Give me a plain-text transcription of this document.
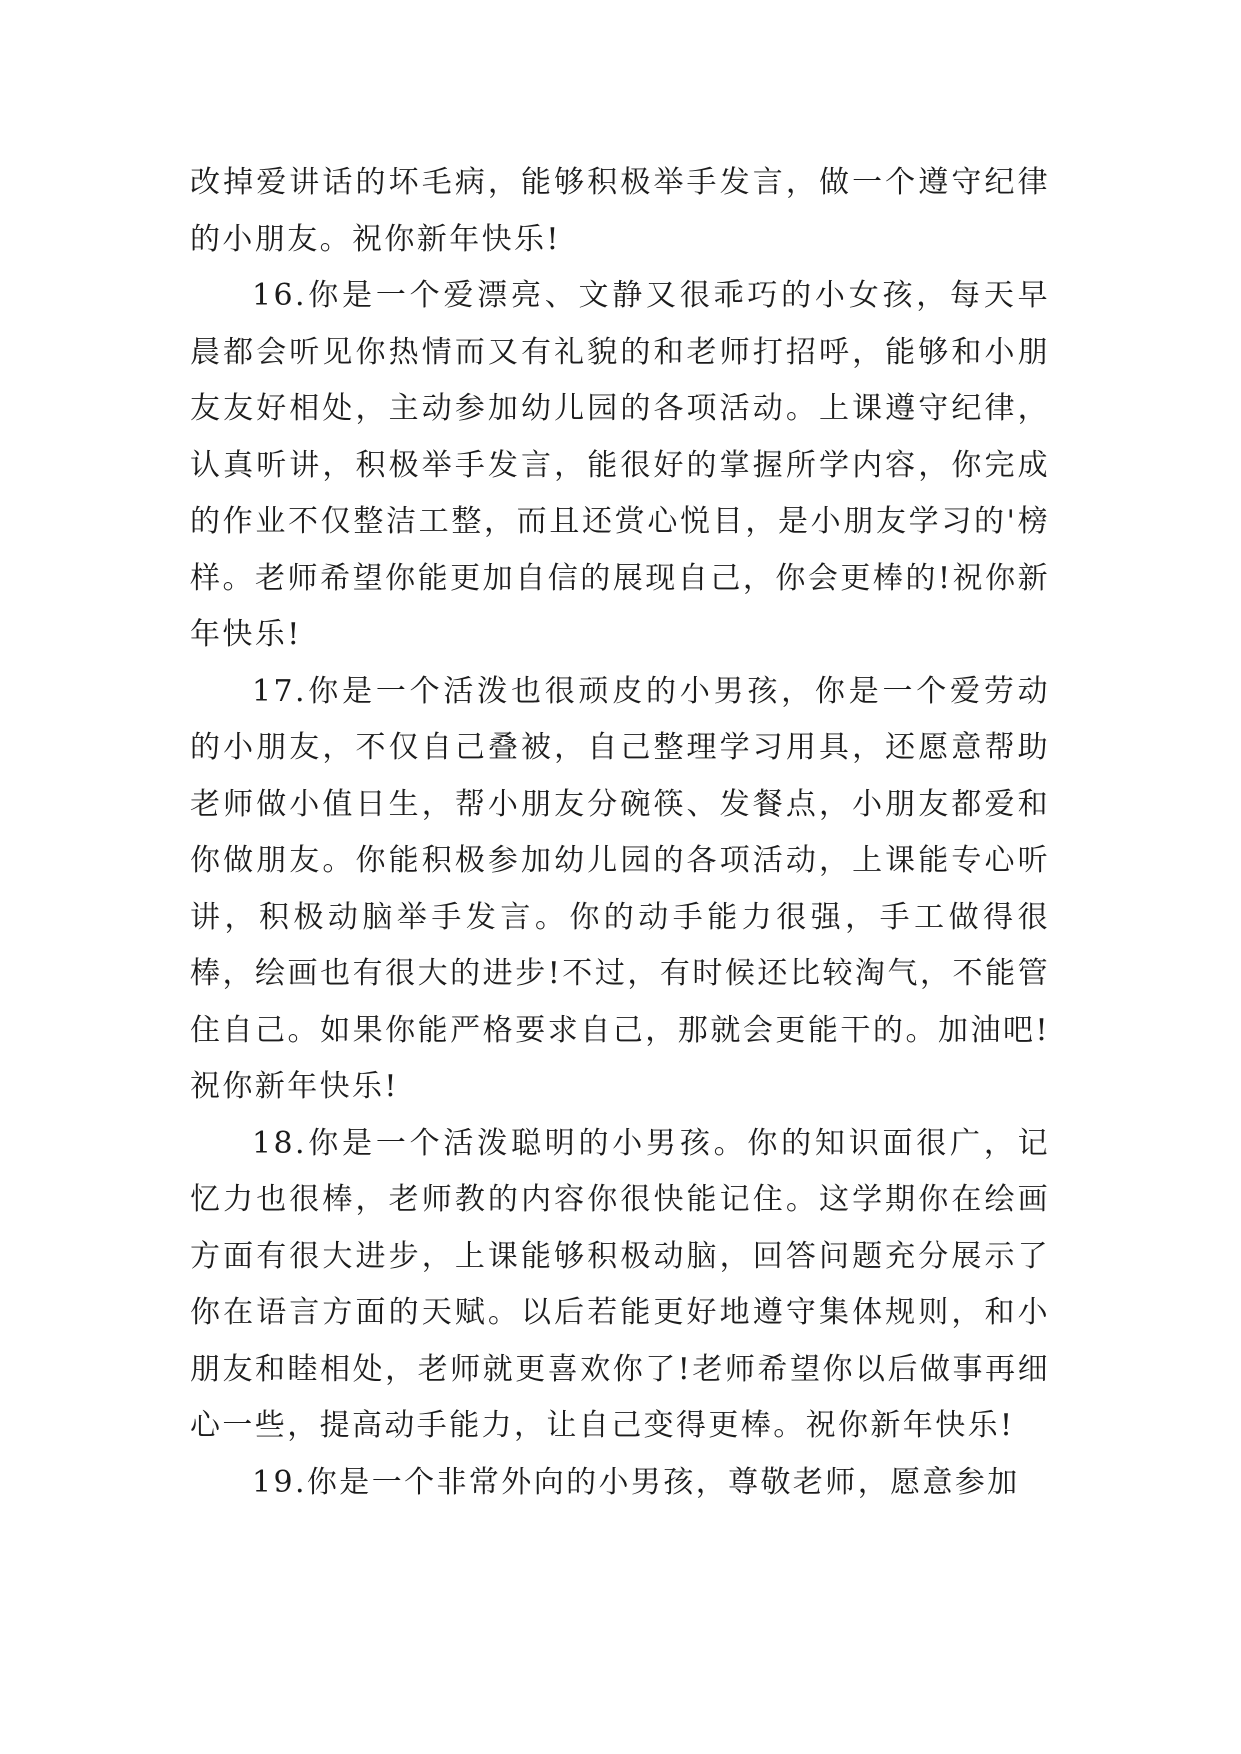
改掉爱讲话的坏毛病，能够积极举手发言，做一个遵守纪律的小朋友。祝你新年快乐!

16.你是一个爱漂亮、文静又很乖巧的小女孩，每天早晨都会听见你热情而又有礼貌的和老师打招呼，能够和小朋友友好相处，主动参加幼儿园的各项活动。上课遵守纪律，认真听讲，积极举手发言，能很好的掌握所学内容，你完成的作业不仅整洁工整，而且还赏心悦目，是小朋友学习的'榜样。老师希望你能更加自信的展现自己，你会更棒的!祝你新年快乐!

17.你是一个活泼也很顽皮的小男孩，你是一个爱劳动的小朋友，不仅自己叠被，自己整理学习用具，还愿意帮助老师做小值日生，帮小朋友分碗筷、发餐点，小朋友都爱和你做朋友。你能积极参加幼儿园的各项活动，上课能专心听讲，积极动脑举手发言。你的动手能力很强，手工做得很棒，绘画也有很大的进步!不过，有时候还比较淘气，不能管住自己。如果你能严格要求自己，那就会更能干的。加油吧!祝你新年快乐!

18.你是一个活泼聪明的小男孩。你的知识面很广，记忆力也很棒，老师教的内容你很快能记住。这学期你在绘画方面有很大进步，上课能够积极动脑，回答问题充分展示了你在语言方面的天赋。以后若能更好地遵守集体规则，和小朋友和睦相处，老师就更喜欢你了!老师希望你以后做事再细心一些，提高动手能力，让自己变得更棒。祝你新年快乐!

19.你是一个非常外向的小男孩，尊敬老师，愿意参加
